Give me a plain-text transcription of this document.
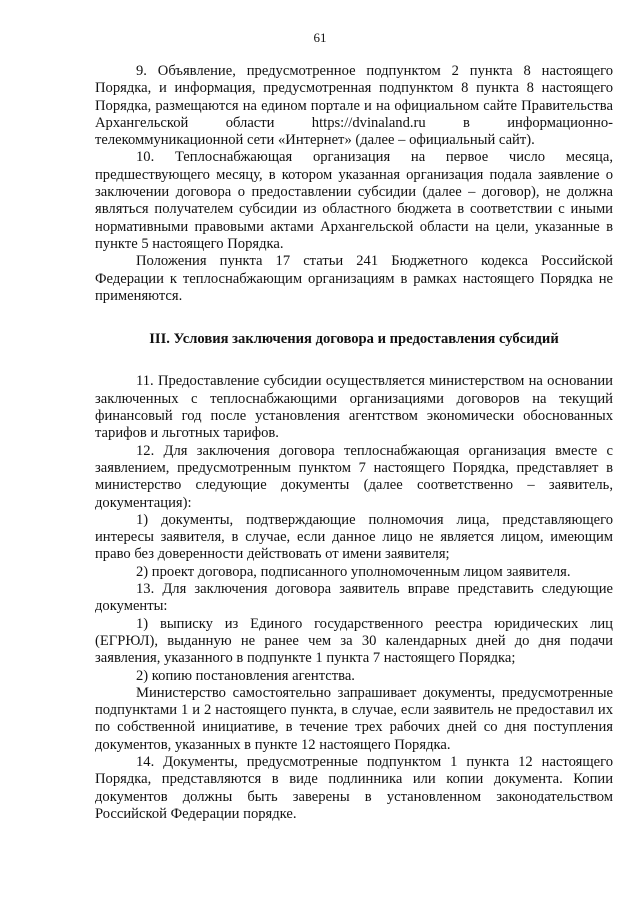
61

9. Объявление, предусмотренное подпунктом 2 пункта 8 настоящего Порядка, и информация, предусмотренная подпунктом 8 пункта 8 настоящего Порядка, размещаются на едином портале и на официальном сайте Правительства Архангельской области https://dvinaland.ru в информационно-телекоммуникационной сети «Интернет» (далее – официальный сайт).

10. Теплоснабжающая организация на первое число месяца, предшествующего месяцу, в котором указанная организация подала заявление о заключении договора о предоставлении субсидии (далее – договор), не должна являться получателем субсидии из областного бюджета в соответствии с иными нормативными правовыми актами Архангельской области на цели, указанные в пункте 5 настоящего Порядка.

Положения пункта 17 статьи 241 Бюджетного кодекса Российской Федерации к теплоснабжающим организациям в рамках настоящего Порядка не применяются.

III. Условия заключения договора и предоставления субсидий

11. Предоставление субсидии осуществляется министерством на основании заключенных с теплоснабжающими организациями договоров на текущий финансовый год после установления агентством экономически обоснованных тарифов и льготных тарифов.

12. Для заключения договора теплоснабжающая организация вместе с заявлением, предусмотренным пунктом 7 настоящего Порядка, представляет в министерство следующие документы (далее соответственно – заявитель, документация):

1) документы, подтверждающие полномочия лица, представляющего интересы заявителя, в случае, если данное лицо не является лицом, имеющим право без доверенности действовать от имени заявителя;

2) проект договора, подписанного уполномоченным лицом заявителя.

13. Для заключения договора заявитель вправе представить следующие документы:

1) выписку из Единого государственного реестра юридических лиц (ЕГРЮЛ), выданную не ранее чем за 30 календарных дней до дня подачи заявления, указанного в подпункте 1 пункта 7 настоящего Порядка;

2) копию постановления агентства.

Министерство самостоятельно запрашивает документы, предусмотренные подпунктами 1 и 2 настоящего пункта, в случае, если заявитель не предоставил их по собственной инициативе, в течение трех рабочих дней со дня поступления документов, указанных в пункте 12 настоящего Порядка.

14. Документы, предусмотренные подпунктом 1 пункта 12 настоящего Порядка, представляются в виде подлинника или копии документа. Копии документов должны быть заверены в установленном законодательством Российской Федерации порядке.
